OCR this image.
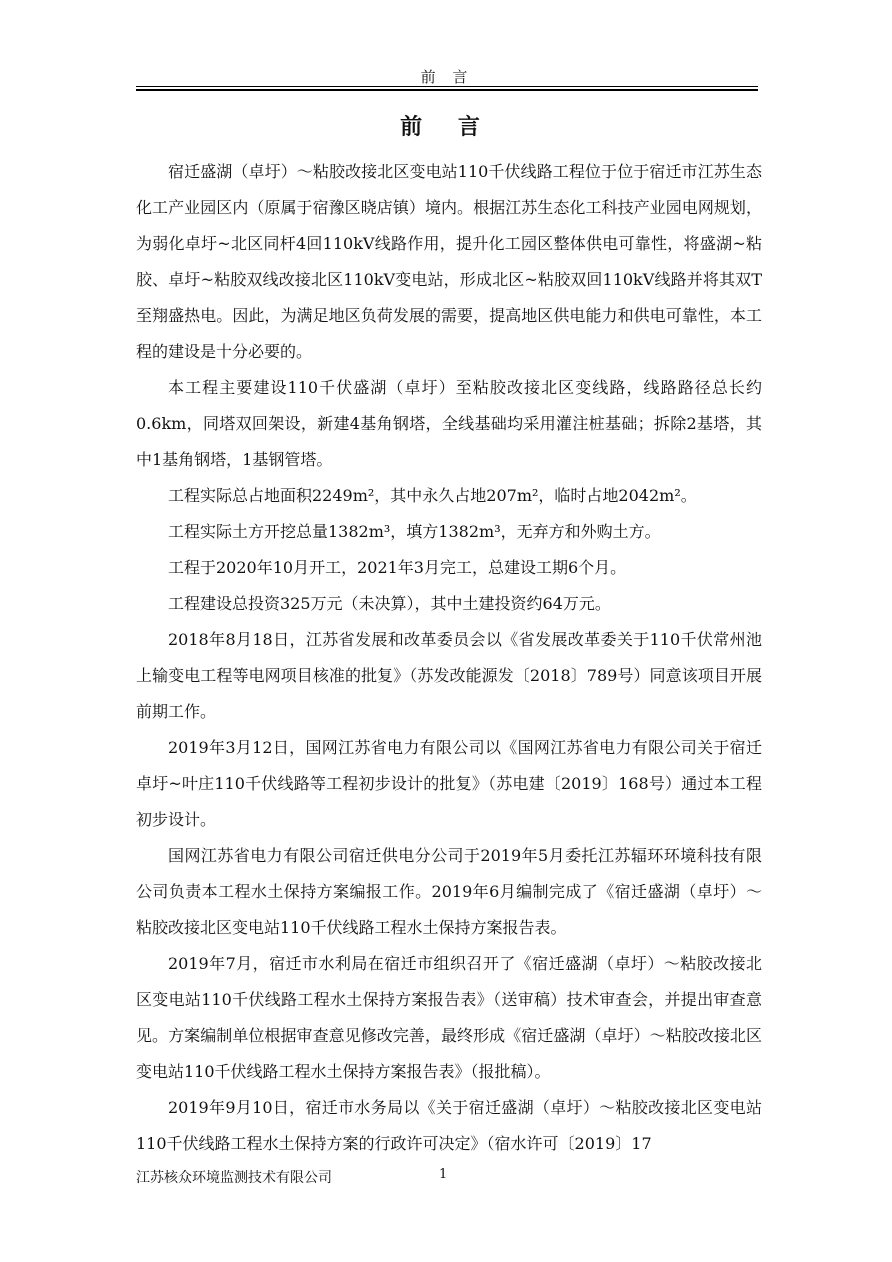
前 言
前 言

宿迁盛湖（卓圩）～粘胶改接北区变电站110千伏线路工程位于位于宿迁市江苏生态化工产业园区内（原属于宿豫区晓店镇）境内。根据江苏生态化工科技产业园电网规划，为弱化卓圩~北区同杆4回110kV线路作用，提升化工园区整体供电可靠性，将盛湖~粘胶、卓圩~粘胶双线改接北区110kV变电站，形成北区~粘胶双回110kV线路并将其双T至翔盛热电。因此，为满足地区负荷发展的需要，提高地区供电能力和供电可靠性，本工程的建设是十分必要的。

本工程主要建设110千伏盛湖（卓圩）至粘胶改接北区变线路，线路路径总长约0.6km，同塔双回架设，新建4基角钢塔，全线基础均采用灌注桩基础；拆除2基塔，其中1基角钢塔，1基钢管塔。

工程实际总占地面积2249m²，其中永久占地207m²，临时占地2042m²。

工程实际土方开挖总量1382m³，填方1382m³，无弃方和外购土方。

工程于2020年10月开工，2021年3月完工，总建设工期6个月。

工程建设总投资325万元（未决算），其中土建投资约64万元。

2018年8月18日，江苏省发展和改革委员会以《省发展改革委关于110千伏常州池上输变电工程等电网项目核准的批复》（苏发改能源发〔2018〕789号）同意该项目开展前期工作。

2019年3月12日，国网江苏省电力有限公司以《国网江苏省电力有限公司关于宿迁卓圩~叶庄110千伏线路等工程初步设计的批复》（苏电建〔2019〕168号）通过本工程初步设计。

国网江苏省电力有限公司宿迁供电分公司于2019年5月委托江苏辐环环境科技有限公司负责本工程水土保持方案编报工作。2019年6月编制完成了《宿迁盛湖（卓圩）～粘胶改接北区变电站110千伏线路工程水土保持方案报告表。

2019年7月，宿迁市水利局在宿迁市组织召开了《宿迁盛湖（卓圩）～粘胶改接北区变电站110千伏线路工程水土保持方案报告表》（送审稿）技术审查会，并提出审查意见。方案编制单位根据审查意见修改完善，最终形成《宿迁盛湖（卓圩）～粘胶改接北区变电站110千伏线路工程水土保持方案报告表》（报批稿）。

2019年9月10日，宿迁市水务局以《关于宿迁盛湖（卓圩）～粘胶改接北区变电站110千伏线路工程水土保持方案的行政许可决定》（宿水许可〔2019〕17

江苏核众环境监测技术有限公司	1
